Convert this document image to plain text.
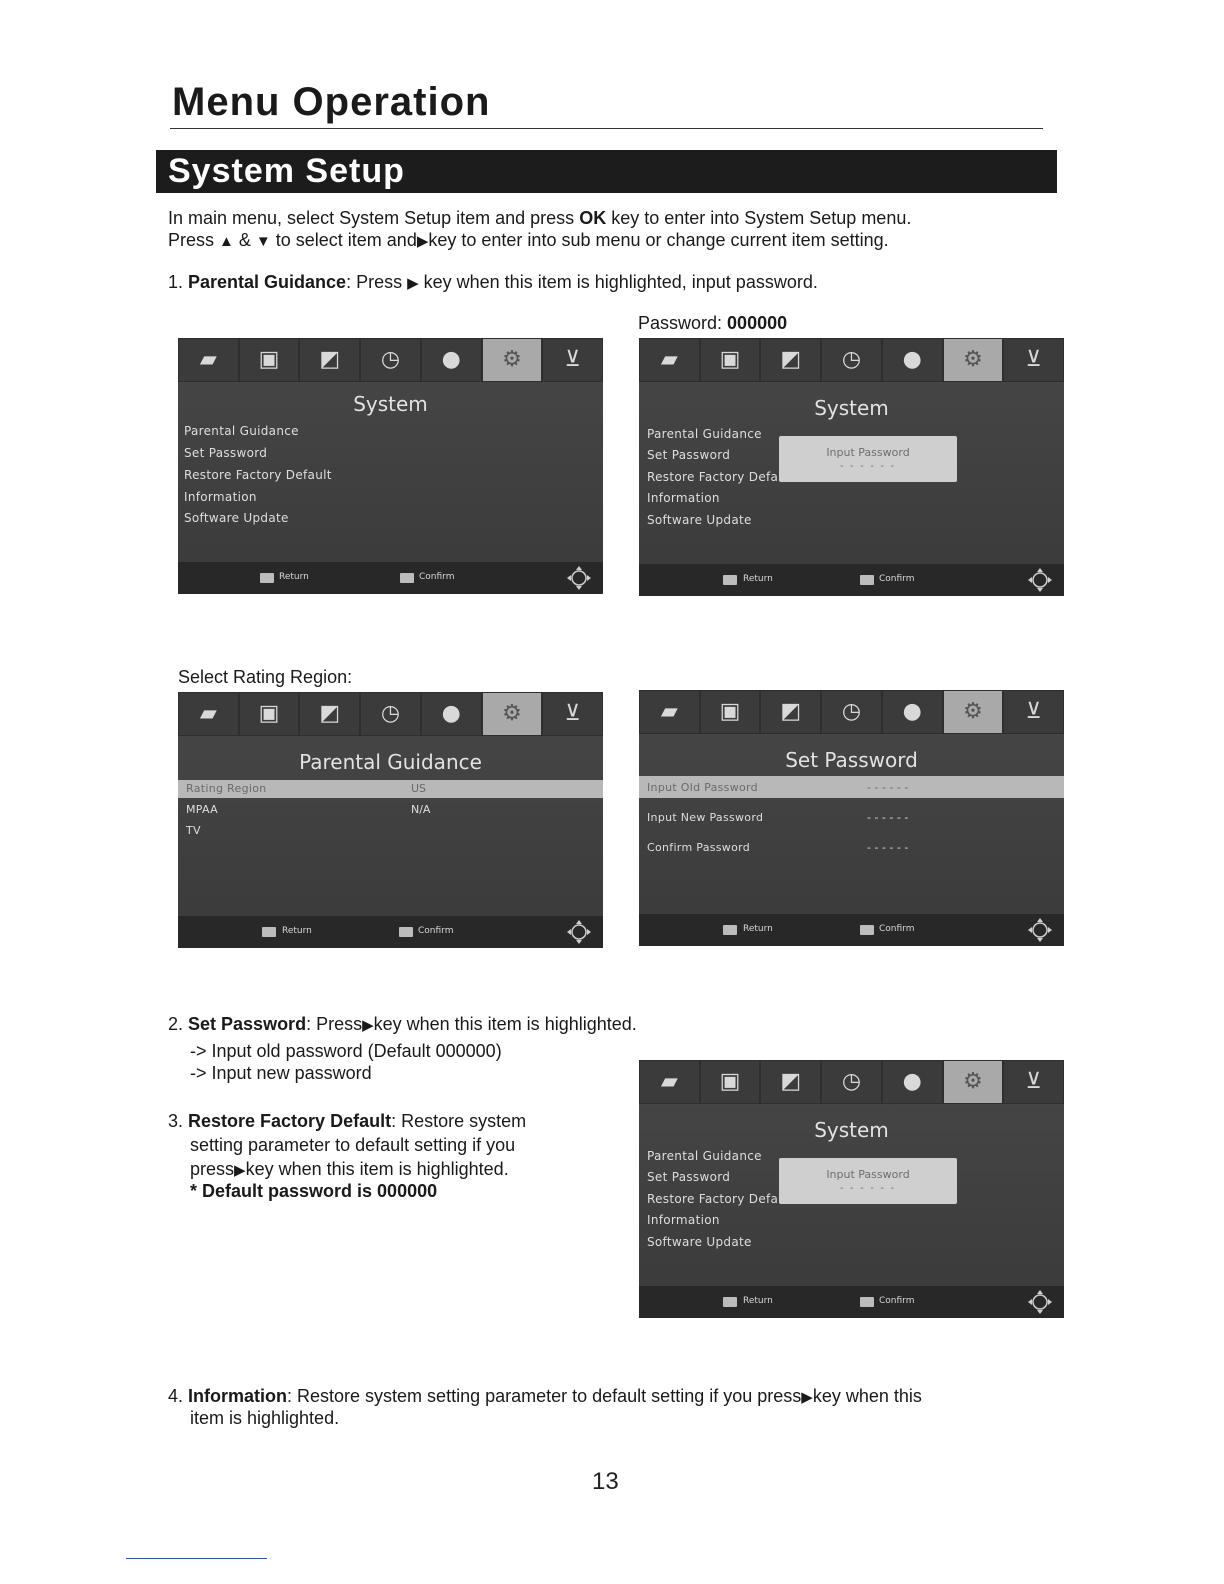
Menu Operation
System Setup
In main menu, select System Setup item and press OK key to enter into System Setup menu.
Press ▲ & ▼ to select item and▶key to enter into sub menu or change current item setting.
1. Parental Guidance: Press ▶ key when this item is highlighted, input password.
Password: 000000
▰ ▣ ◩ ◷ ● ⚙ ⊻
System
Parental Guidance
Set Password
Restore Factory Default
Information
Software Update
Return	Confirm
▰ ▣ ◩ ◷ ● ⚙ ⊻
System
Parental Guidance
Set Password
Restore Factory Defa
Information
Software Update
Input Password
- - - - - -
Return	Confirm
Select Rating Region:
▰ ▣ ◩ ◷ ● ⚙ ⊻
Parental Guidance
Rating Region	US
MPAA	N/A
TV
Return	Confirm
▰ ▣ ◩ ◷ ● ⚙ ⊻
Set Password
Input Old Password	- - - - - -
Input New Password	- - - - - -
Confirm Password	- - - - - -
Return	Confirm
2. Set Password: Press▶key when this item is highlighted.
-> Input old password (Default 000000)
-> Input new password
3. Restore Factory Default: Restore system
setting parameter to default setting if you
press▶key when this item is highlighted.
* Default password is 000000
▰ ▣ ◩ ◷ ● ⚙ ⊻
System
Parental Guidance
Set Password
Restore Factory Defa
Information
Software Update
Input Password
- - - - - -
Return	Confirm
4. Information: Restore system setting parameter to default setting if you press▶key when this
item is highlighted.
13
